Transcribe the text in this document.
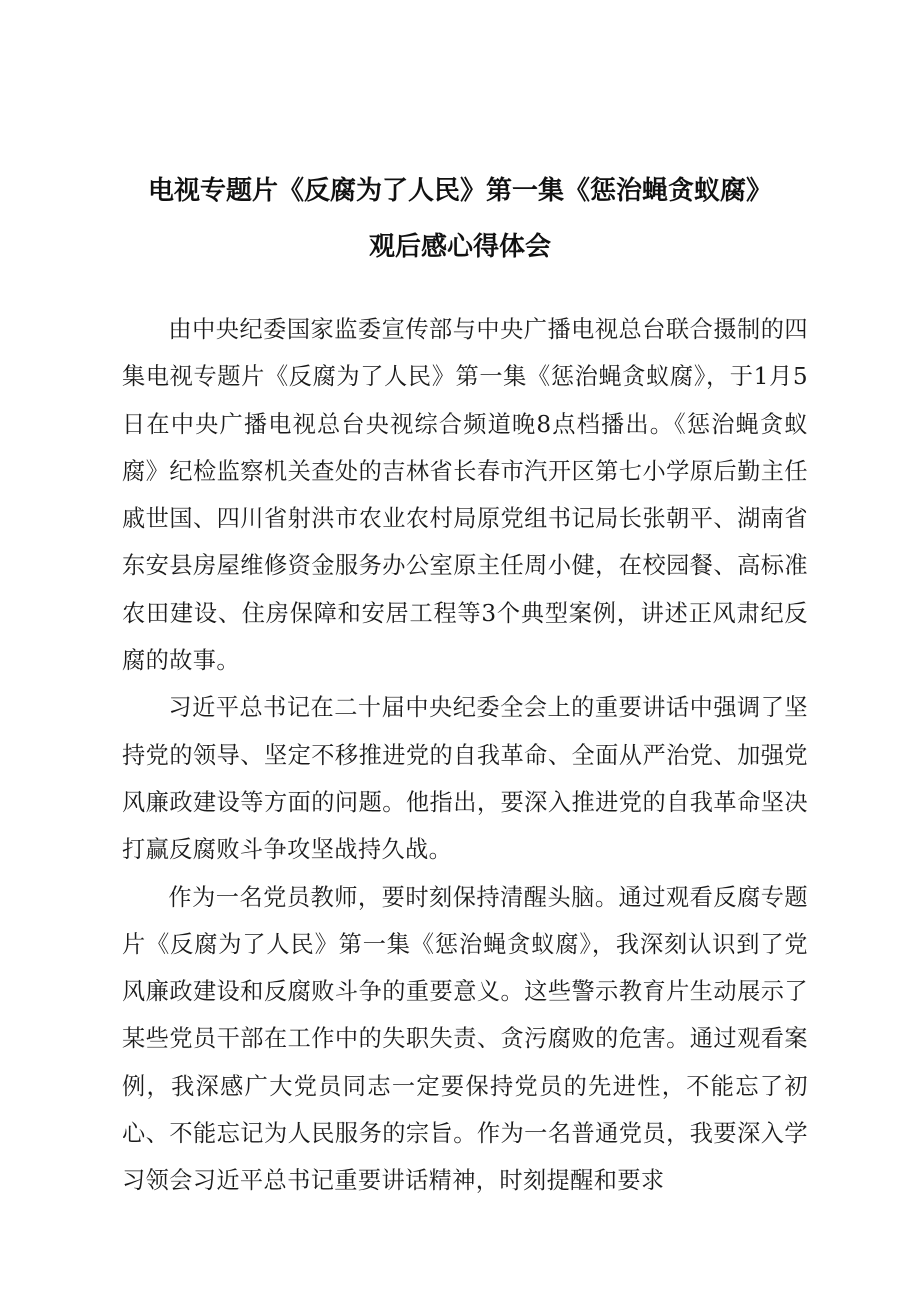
电视专题片《反腐为了人民》第一集《惩治蝇贪蚁腐》
观后感心得体会

由中央纪委国家监委宣传部与中央广播电视总台联合摄制的四集电视专题片《反腐为了人民》第一集《惩治蝇贪蚁腐》，于1月5日在中央广播电视总台央视综合频道晚8点档播出。《惩治蝇贪蚁腐》纪检监察机关查处的吉林省长春市汽开区第七小学原后勤主任戚世国、四川省射洪市农业农村局原党组书记局长张朝平、湖南省东安县房屋维修资金服务办公室原主任周小健，在校园餐、高标准农田建设、住房保障和安居工程等3个典型案例，讲述正风肃纪反腐的故事。

习近平总书记在二十届中央纪委全会上的重要讲话中强调了坚持党的领导、坚定不移推进党的自我革命、全面从严治党、加强党风廉政建设等方面的问题。他指出，要深入推进党的自我革命坚决打赢反腐败斗争攻坚战持久战。

作为一名党员教师，要时刻保持清醒头脑。通过观看反腐专题片《反腐为了人民》第一集《惩治蝇贪蚁腐》，我深刻认识到了党风廉政建设和反腐败斗争的重要意义。这些警示教育片生动展示了某些党员干部在工作中的失职失责、贪污腐败的危害。通过观看案例，我深感广大党员同志一定要保持党员的先进性，不能忘了初心、不能忘记为人民服务的宗旨。作为一名普通党员，我要深入学习领会习近平总书记重要讲话精神，时刻提醒和要求
